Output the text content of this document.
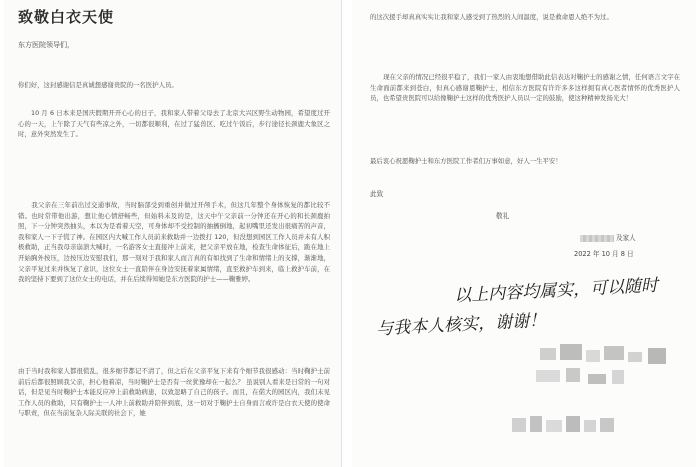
致敬白衣天使
东方医院领导们，
你们好，这封感谢信是真诚想感谢贵院的一名医护人员。
10 月 6 日本来是国庆假期开开心心的日子，我和家人带着父母去了北京大兴区野生动物园，希望度过开心的一天，上午除了天气有些凉之外，一切都很顺利，在过了猛兽区、吃过午饭后，步行途径长颈鹿大象区之时，意外突然发生了。
我父亲在三年前出过交通事故，当时脑部受到重创并做过开颅手术，但这几年整个身体恢复的都比较不错。也时常带他出游，想让他心情舒畅些，但始料未及的是，这天中午父亲前一分钟还在开心的和长颈鹿拍照，下一分钟突然抽头，本以为是看着天空，可身体却不受控制的抽搐倒地，起初嘴里还发出很痛苦的声音，我和家人一下子慌了神。在园区内大喊工作人员前来救助并一边拨打 120，但没想到园区工作人员并未有人积极救助，正当我母亲崩溃大喊时，一名游客女士直接冲上前来，把父亲平放在地，检查生命体征后，跪在地上开始胸外按压，边按压边安慰我们，那一刻对于我和家人而言真的有如找到了生命和情绪上的支撑，渐渐地，父亲平复过来并恢复了意识，这位女士一直陪伴在身边安抚着家属情绪，直至救护车到来，临上救护车前，在我的坚持下要到了这位女士的电话，并在后续得知她是东方医院的护士——鞠雅婷。
由于当时我和家人都很慌乱，很多细节都记不清了，但之后在父亲平复下来有个细节我很感动：当时鞠护士前前后后都很照顾我父亲，担心他着凉，当时鞠护士是否有一丝犹豫却在一起么？ 虽说别人看来是日常的一句对话，但是见当时鞠护士本能反应冲上前救助病患，以致忽略了自己的孩子。而且，在偌大的园区内，我们未见工作人员的救助，只有鞠护士一人冲上前救助并陪伴到底，这一切对于鞠护士自身而言或许是白衣天使的使命与职责，但在当前复杂人际关联的社会下，她
的这次援手却真真实实让我和家人感受到了热烈的人间温度，说是救命恩人绝不为过。
现在父亲的情况已经很平稳了，我们一家人由衷地想借助此信表达对鞠护士的感谢之情，任何语言文字在生命面前都来到苍白，但真心感谢恩鞠护士，相信东方医院有许许多多这样拥有真心医者情怀的优秀医护人员，也希望贵医院可以给像鞠护士这样的优秀医护人员以一定的鼓励，使这种精神发扬光大！
最后衷心祝愿鞠护士和东方医院工作者们万事如意，好人一生平安！
此致
敬礼
及家人
2022 年 10 月 8 日
以上内容均属实，可以随时
与我本人核实，谢谢！
